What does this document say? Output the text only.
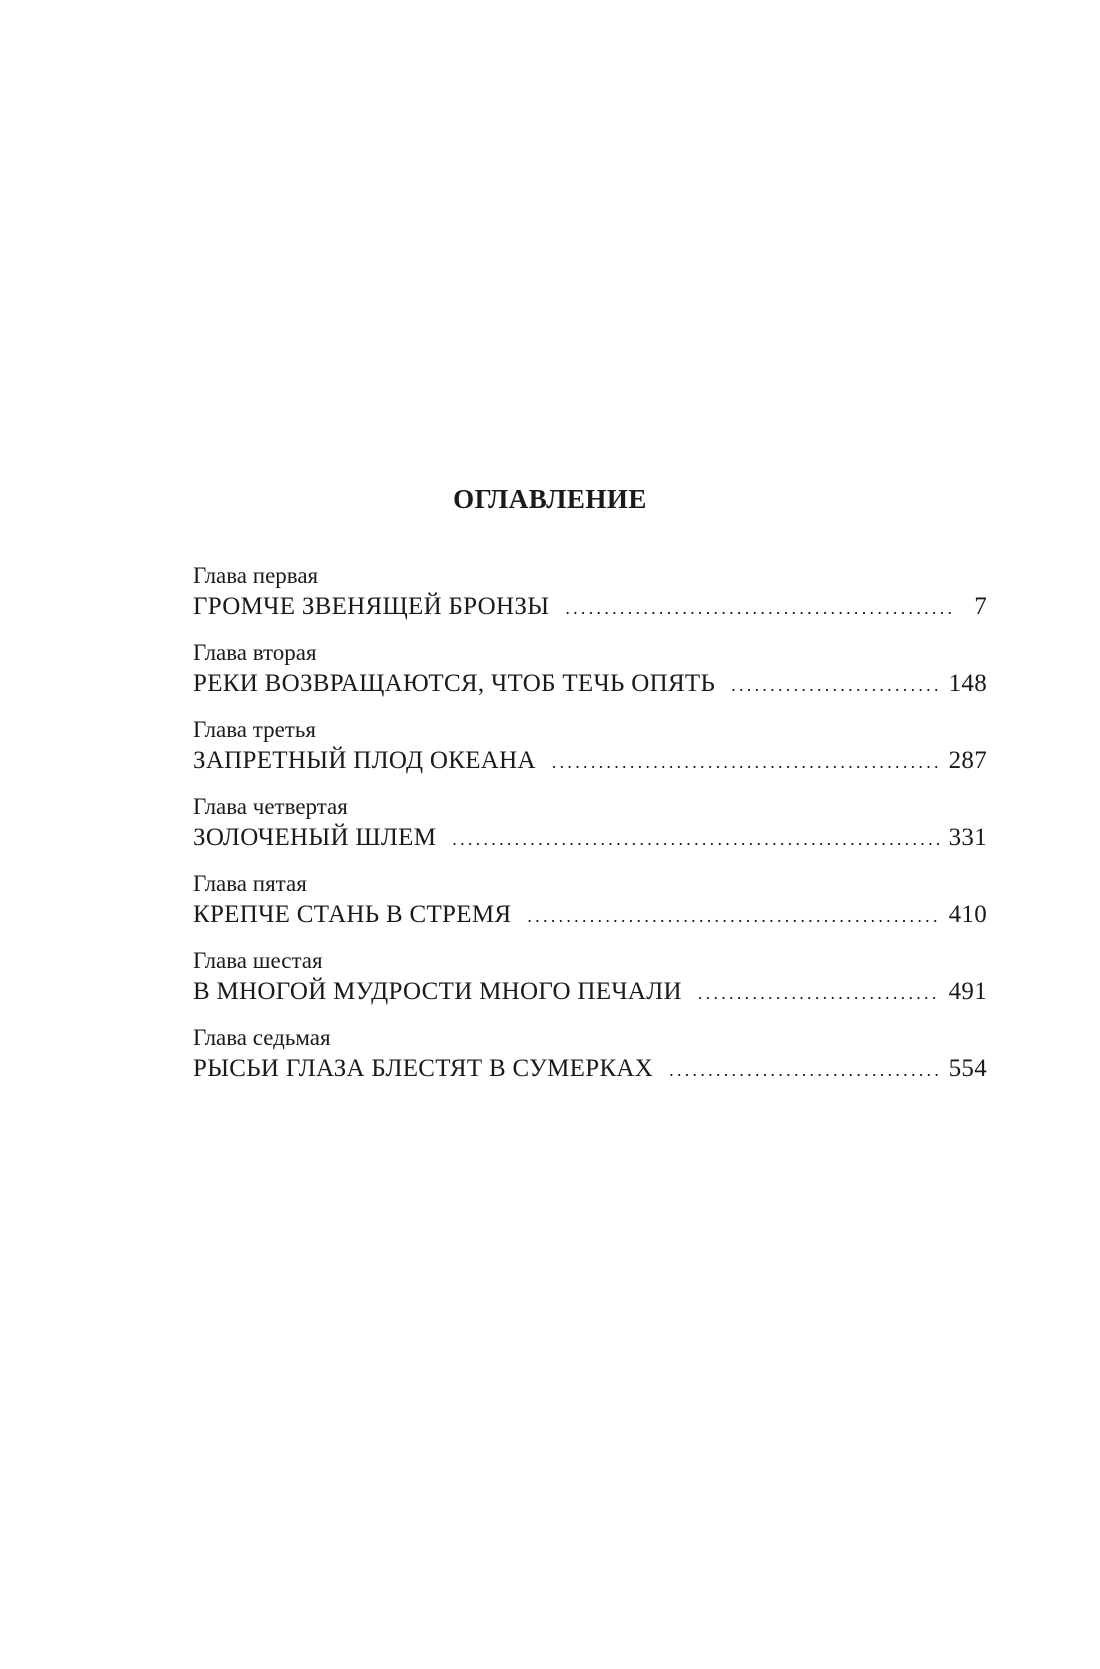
ОГЛАВЛЕНИЕ
Глава первая
ГРОМЧЕ ЗВЕНЯЩЕЙ БРОНЗЫ . . .	7
Глава вторая
РЕКИ ВОЗВРАЩАЮТСЯ, ЧТОБ ТЕЧЬ ОПЯТЬ . . .	148
Глава третья
ЗАПРЕТНЫЙ ПЛОД ОКЕАНА . . .	287
Глава четвертая
ЗОЛОЧЕНЫЙ ШЛЕМ . . .	331
Глава пятая
КРЕПЧЕ СТАНЬ В СТРЕМЯ . . .	410
Глава шестая
В МНОГОЙ МУДРОСТИ МНОГО ПЕЧАЛИ . . .	491
Глава седьмая
РЫСЬИ ГЛАЗА БЛЕСТЯТ В СУМЕРКАХ . . .	554
